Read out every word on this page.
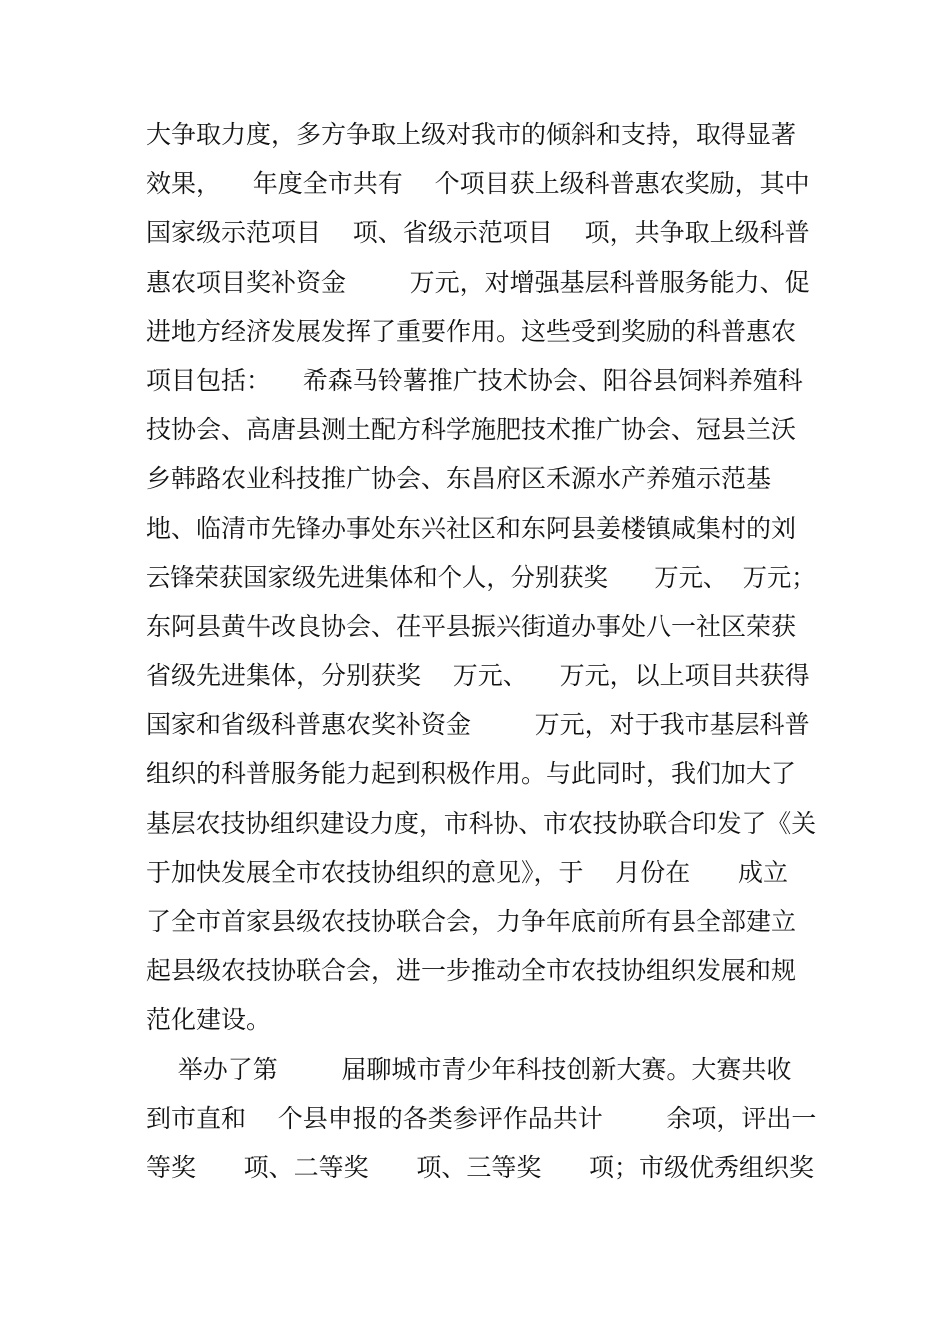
大争取力度，多方争取上级对我市的倾斜和支持，取得显著
效果，    年度全市共有    个项目获上级科普惠农奖励，其中
国家级示范项目    项、省级示范项目    项，共争取上级科普
惠农项目奖补资金        万元，对增强基层科普服务能力、促
进地方经济发展发挥了重要作用。这些受到奖励的科普惠农
项目包括：    希森马铃薯推广技术协会、阳谷县饲料养殖科
技协会、高唐县测土配方科学施肥技术推广协会、冠县兰沃
乡韩路农业科技推广协会、东昌府区禾源水产养殖示范基
地、临清市先锋办事处东兴社区和东阿县姜楼镇咸集村的刘
云锋荣获国家级先进集体和个人，分别获奖      万元、  万元；
东阿县黄牛改良协会、茌平县振兴街道办事处八一社区荣获
省级先进集体，分别获奖    万元、    万元，以上项目共获得
国家和省级科普惠农奖补资金        万元，对于我市基层科普
组织的科普服务能力起到积极作用。与此同时，我们加大了
基层农技协组织建设力度，市科协、市农技协联合印发了《关
于加快发展全市农技协组织的意见》，于    月份在      成立
了全市首家县级农技协联合会，力争年底前所有县全部建立
起县级农技协联合会，进一步推动全市农技协组织发展和规
范化建设。
举办了第        届聊城市青少年科技创新大赛。大赛共收
到市直和    个县申报的各类参评作品共计        余项，评出一
等奖      项、二等奖      项、三等奖      项；市级优秀组织奖
